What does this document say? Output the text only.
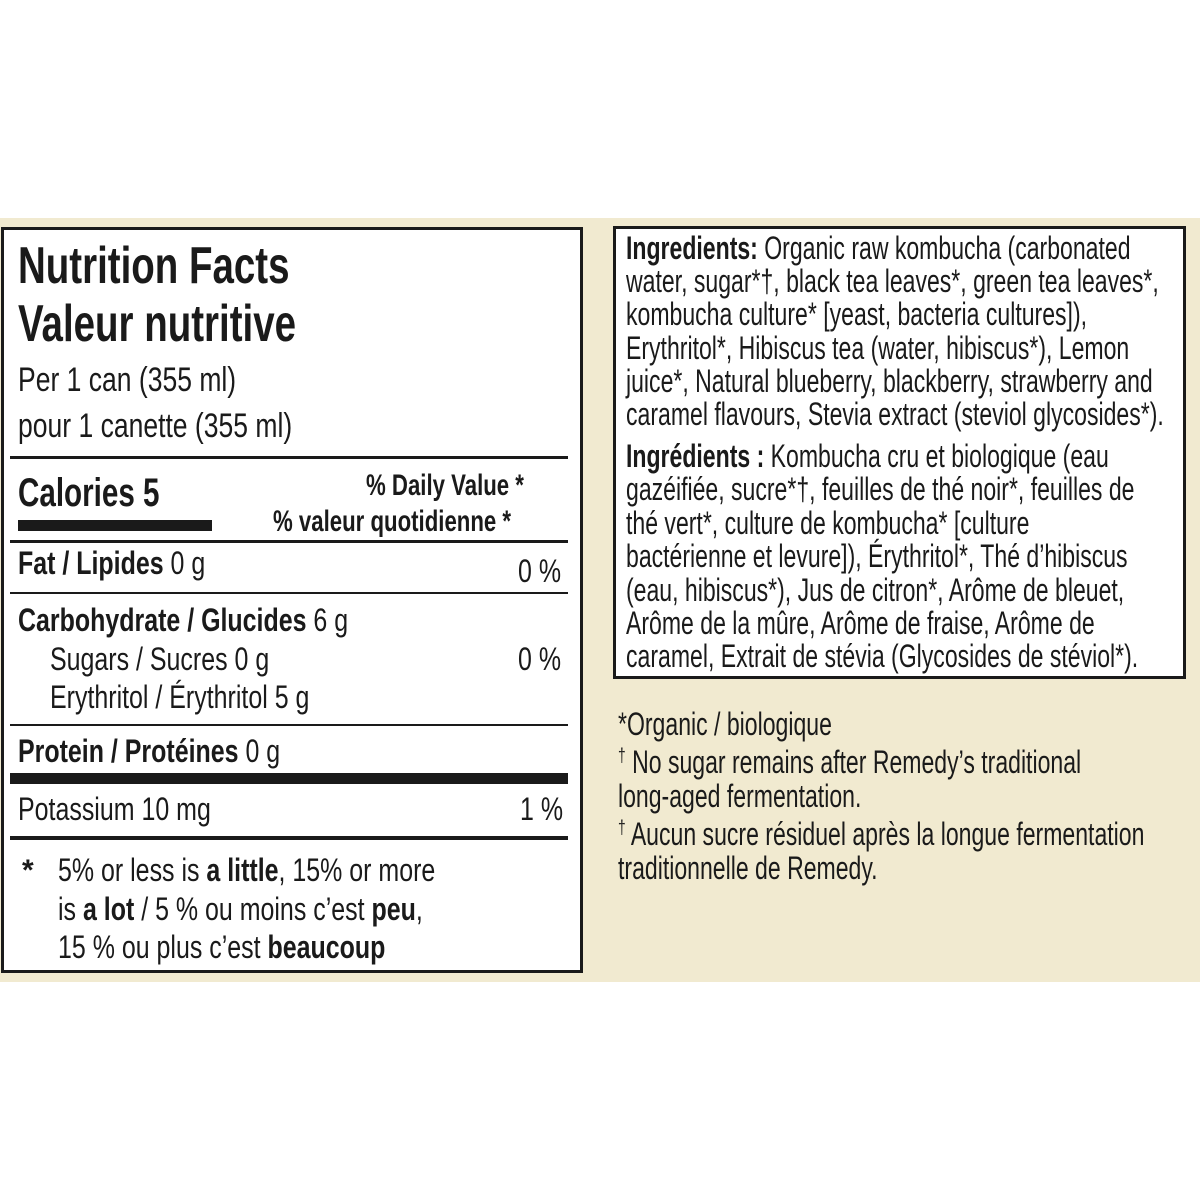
Nutrition Facts
Valeur nutritive
Per 1 can (355 ml)
pour 1 canette (355 ml)
Calories 5	% Daily Value *
% valeur quotidienne *
Fat / Lipides 0 g	0 %
Carbohydrate / Glucides 6 g
Sugars / Sucres 0 g	0 %
Erythritol / Érythritol 5 g
Protein / Protéines 0 g
Potassium 10 mg	1 %
* 5% or less is a little, 15% or more
is a lot / 5 % ou moins c’est peu,
15 % ou plus c’est beaucoup
Ingredients: Organic raw kombucha (carbonated
water, sugar*†, black tea leaves*, green tea leaves*,
kombucha culture* [yeast, bacteria cultures]),
Erythritol*, Hibiscus tea (water, hibiscus*), Lemon
juice*, Natural blueberry, blackberry, strawberry and
caramel flavours, Stevia extract (steviol glycosides*).
Ingrédients : Kombucha cru et biologique (eau
gazéifiée, sucre*†, feuilles de thé noir*, feuilles de
thé vert*, culture de kombucha* [culture
bactérienne et levure]), Érythritol*, Thé d’hibiscus
(eau, hibiscus*), Jus de citron*, Arôme de bleuet,
Arôme de la mûre, Arôme de fraise, Arôme de
caramel, Extrait de stévia (Glycosides de stéviol*).
*Organic / biologique
† No sugar remains after Remedy’s traditional
long-aged fermentation.
† Aucun sucre résiduel après la longue fermentation
traditionnelle de Remedy.
